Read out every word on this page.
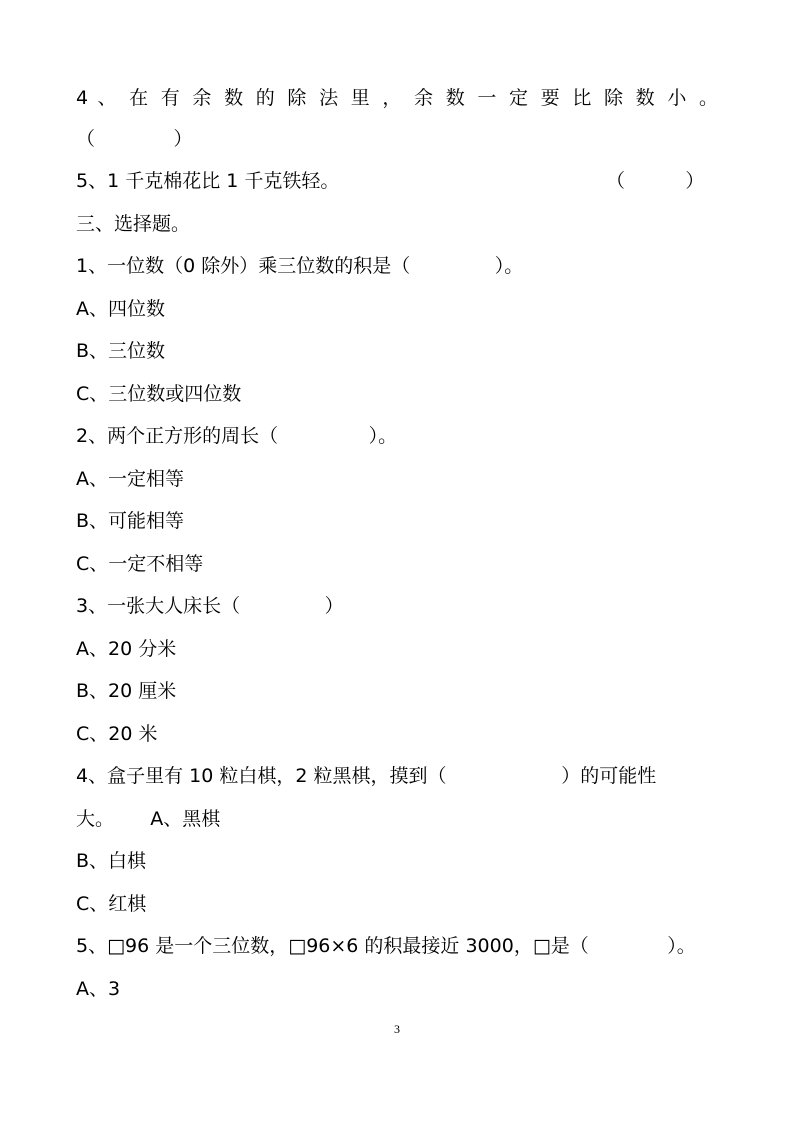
4 、 在 有 余 数 的 除 法 里 ， 余 数 一 定 要 比 除 数 小 。
（             ）
5、1 千克棉花比 1 千克铁轻。	（          ）
三、选择题。
1、一位数（0 除外）乘三位数的积是（              ）。
A、四位数
B、三位数
C、三位数或四位数
2、两个正方形的周长（               ）。
A、一定相等
B、可能相等
C、一定不相等
3、一张大人床长（              ）
A、20 分米
B、20 厘米
C、20 米
4、盒子里有 10 粒白棋，2 粒黑棋，摸到（                   ）的可能性
大。      A、黑棋
B、白棋
C、红棋
5、□96 是一个三位数，□96×6 的积最接近 3000，□是（             ）。
A、3
3
